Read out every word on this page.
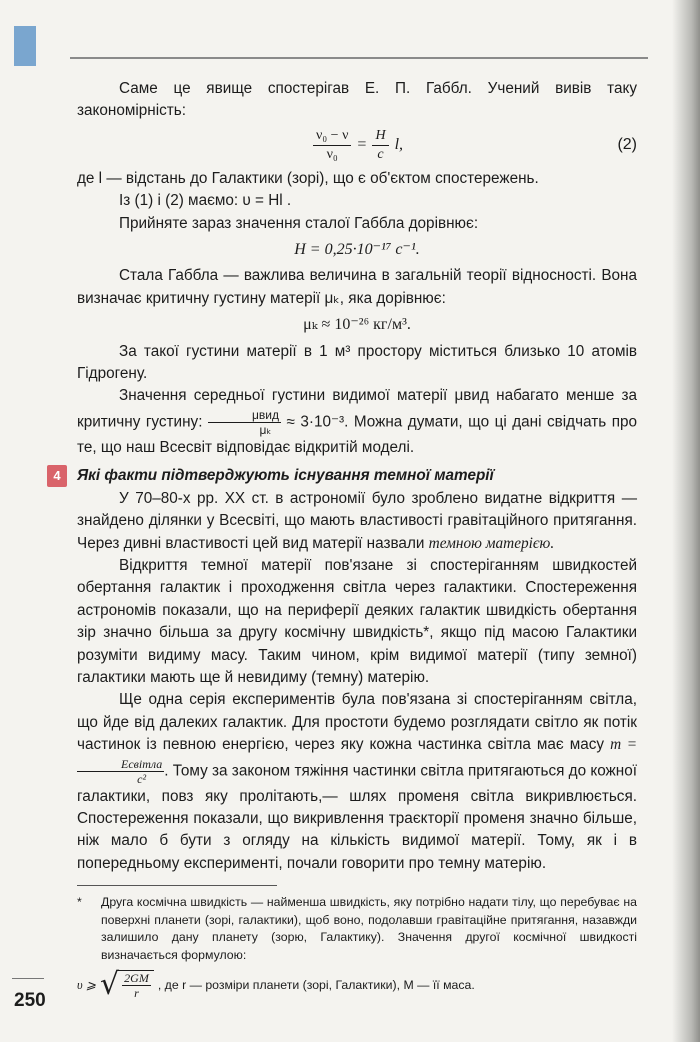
Саме це явище спостерігав Е. П. Габбл. Учений вивів таку закономірність:

$\frac{\text{ν₀ − ν}}{\text{ν₀}} = \frac{H}{c} l$,	(2)

де l — відстань до Галактики (зорі), що є об'єктом спостережень.

Із (1) і (2) маємо: υ = Hl .

Прийняте зараз значення сталої Габбла дорівнює:

H = 0,25·10⁻¹⁷ с⁻¹.

Стала Габбла — важлива величина в загальній теорії відносності. Вона визначає критичну густину матерії μₖ, яка дорівнює:

μₖ ≈ 10⁻²⁶ кг/м³.

За такої густини матерії в 1 м³ простору міститься близько 10 атомів Гідрогену.

Значення середньої густини видимої матерії μвид набагато менше за критичну густину: $\frac{\text{μвид}}{\text{μₖ}} \approx 3\cdot 10^{-3}$. Можна думати, що ці дані свідчать про те, що наш Всесвіт відповідає відкритій моделі.

4	Які факти підтверджують існування темної матерії

У 70–80-х рр. XX ст. в астрономії було зроблено видатне відкриття — знайдено ділянки у Всесвіті, що мають властивості гравітаційного притягання. Через дивні властивості цей вид матерії назвали темною матерією.

Відкриття темної матерії пов'язане зі спостеріганням швидкостей обертання галактик і проходження світла через галактики. Спостереження астрономів показали, що на периферії деяких галактик швидкість обертання зір значно більша за другу космічну швидкість*, якщо під масою Галактики розуміти видиму масу. Таким чином, крім видимої матерії (типу земної) галактики мають ще й невидиму (темну) матерію.

Ще одна серія експериментів була пов'язана зі спостеріганням світла, що йде від далеких галактик. Для простоти будемо розглядати світло як потік частинок із певною енергією, через яку кожна частинка світла має масу m =
$\frac{\text{Eсвітла}}{\text{c²}}$ . Тому за законом тяжіння частинки світла притягаються до кожної галактики, повз яку пролітають,— шлях променя світла викривлюється. Спостереження показали, що викривлення траєкторії променя значно більше, ніж мало б бути з огляду на кількість видимої матерії. Тому, як і в попередньому експерименті, почали говорити про темну матерію.

*	Друга космічна швидкість — найменша швидкість, яку потрібно надати тілу, що перебуває на поверхні планети (зорі, галактики), щоб воно, подолавши гравітаційне притягання, назавжди залишило дану планету (зорю, Галактику). Значення другої космічної швидкості визначається формулою:
υ ⩾ √ $\frac{2GM}{r}$ , де r — розміри планети (зорі, Галактики), M — її маса.
250
